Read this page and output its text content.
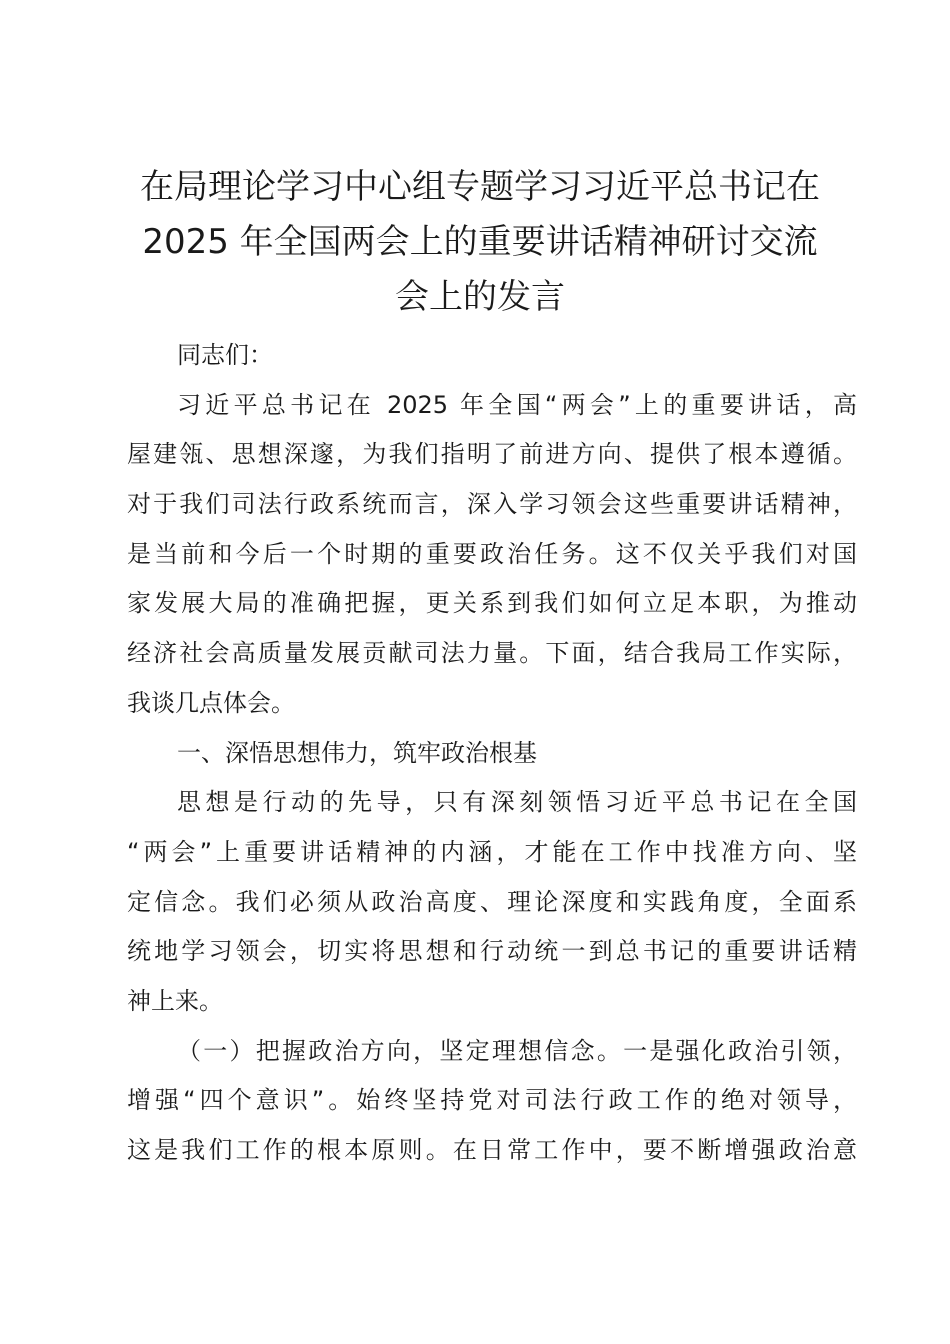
在局理论学习中心组专题学习习近平总书记在
2025 年全国两会上的重要讲话精神研讨交流
会上的发言
同志们：
习近平总书记在 2025 年全国“两会”上的重要讲话，高
屋建瓴、思想深邃，为我们指明了前进方向、提供了根本遵循。
对于我们司法行政系统而言，深入学习领会这些重要讲话精神，
是当前和今后一个时期的重要政治任务。这不仅关乎我们对国
家发展大局的准确把握，更关系到我们如何立足本职，为推动
经济社会高质量发展贡献司法力量。下面，结合我局工作实际，
我谈几点体会。
一、深悟思想伟力，筑牢政治根基
思想是行动的先导，只有深刻领悟习近平总书记在全国
“两会”上重要讲话精神的内涵，才能在工作中找准方向、坚
定信念。我们必须从政治高度、理论深度和实践角度，全面系
统地学习领会，切实将思想和行动统一到总书记的重要讲话精
神上来。
（一）把握政治方向，坚定理想信念。一是强化政治引领，
增强“四个意识”。始终坚持党对司法行政工作的绝对领导，
这是我们工作的根本原则。在日常工作中，要不断增强政治意
